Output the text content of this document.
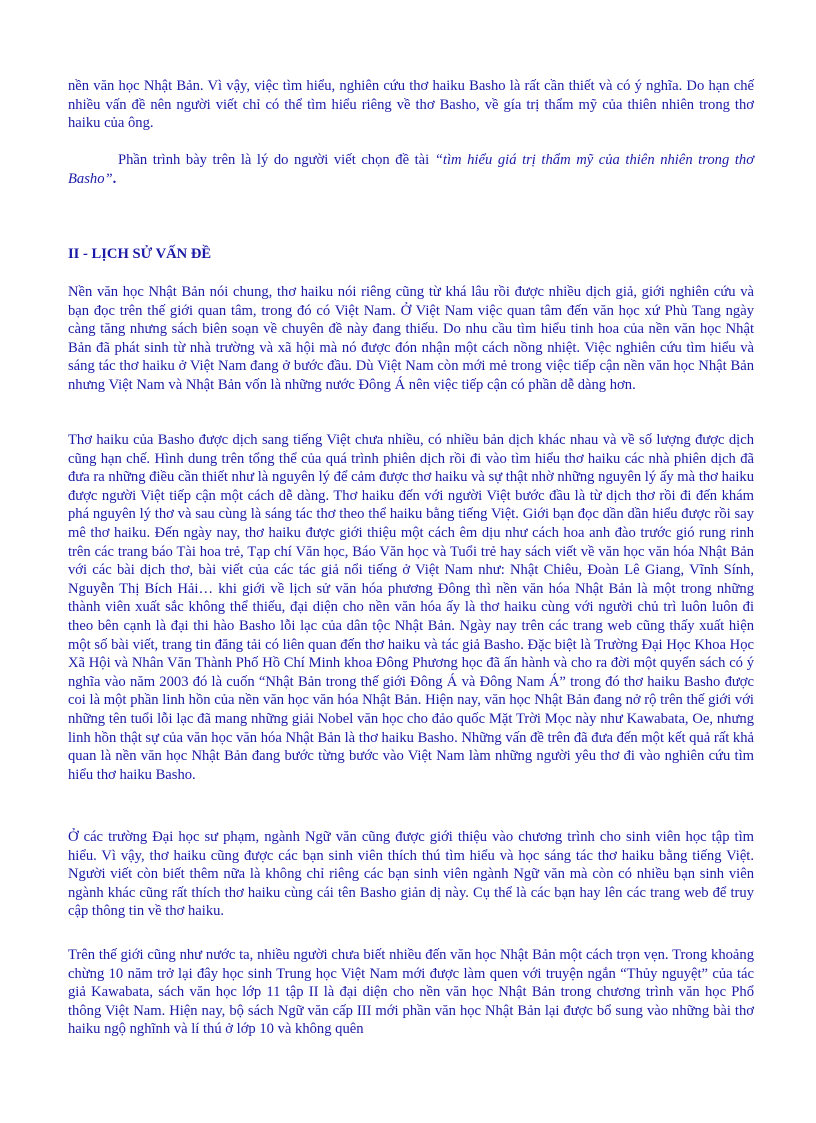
nền văn học Nhật Bản. Vì vậy, việc tìm hiểu, nghiên cứu thơ haiku Basho là rất cần thiết và có ý nghĩa. Do hạn chế nhiều vấn đề nên người viết chỉ có thể tìm hiểu riêng về thơ Basho, về gía trị thẩm mỹ của thiên nhiên trong thơ haiku của ông.

Phần trình bày trên là lý do người viết chọn đề tài “tìm hiểu giá trị thẩm mỹ của thiên nhiên trong thơ Basho”.

II - LỊCH SỬ VẤN ĐỀ

Nền văn học Nhật Bản nói chung, thơ haiku nói riêng cũng từ khá lâu rồi được nhiều dịch giả, giới nghiên cứu và bạn đọc trên thế giới quan tâm, trong đó có Việt Nam. Ở Việt Nam việc quan tâm đến văn học xứ Phù Tang ngày càng tăng nhưng sách biên soạn về chuyên đề này đang thiếu. Do nhu cầu tìm hiểu tinh hoa của nền văn học Nhật Bản đã phát sinh từ nhà trường và xã hội mà nó được đón nhận một cách nồng nhiệt. Việc nghiên cứu tìm hiểu và sáng tác thơ haiku ở Việt Nam đang ở bước đầu. Dù Việt Nam còn mới mẻ trong việc tiếp cận nền văn học Nhật Bản nhưng Việt Nam và Nhật Bản vốn là những nước Đông Á nên việc tiếp cận có phần dễ dàng hơn.

Thơ haiku của Basho được dịch sang tiếng Việt chưa nhiều, có nhiều bản dịch khác nhau và về số lượng được dịch cũng hạn chế. Hình dung trên tổng thể của quá trình phiên dịch rồi đi vào tìm hiểu thơ haiku các nhà phiên dịch đã đưa ra những điều cần thiết như là nguyên lý để cảm được thơ haiku và sự thật nhờ những nguyên lý ấy mà thơ haiku được người Việt tiếp cận một cách dễ dàng. Thơ haiku đến với người Việt bước đầu là từ dịch thơ rồi đi đến khám phá nguyên lý thơ và sau cùng là sáng tác thơ theo thể haiku bằng tiếng Việt. Giới bạn đọc dần dần hiểu được rồi say mê thơ haiku. Đến ngày nay, thơ haiku được giới thiệu một cách êm dịu như cách hoa anh đào trước gió rung rinh trên các trang báo Tài hoa trẻ, Tạp chí Văn học, Báo Văn học và Tuổi trẻ hay sách viết về văn học văn hóa Nhật Bản với các bài dịch thơ, bài viết của các tác giả nổi tiếng ở Việt Nam như: Nhật Chiêu, Đoàn Lê Giang, Vĩnh Sính, Nguyễn Thị Bích Hải… khi giới về lịch sử văn hóa phương Đông thì nền văn hóa Nhật Bản là một trong những thành viên xuất sắc không thể thiếu, đại diện cho nền văn hóa ấy là thơ haiku cùng với người chủ trì luôn luôn đi theo bên cạnh là đại thi hào Basho lỗi lạc của dân tộc Nhật Bản. Ngày nay trên các trang web cũng thấy xuất hiện một số bài viết, trang tin đăng tải có liên quan đến thơ haiku và tác giả Basho. Đặc biệt là Trường Đại Học Khoa Học Xã Hội và Nhân Văn Thành Phố Hồ Chí Minh khoa Đông Phương học đã ấn hành và cho ra đời một quyển sách có ý nghĩa vào năm 2003 đó là cuốn “Nhật Bản trong thế giới Đông Á và Đông Nam Á” trong đó thơ haiku Basho được coi là một phần linh hồn của nền văn học văn hóa Nhật Bản. Hiện nay, văn học Nhật Bản đang nở rộ trên thế giới với những tên tuổi lỗi lạc đã mang những giải Nobel văn học cho đảo quốc Mặt Trời Mọc này như Kawabata, Oe, nhưng linh hồn thật sự của văn học văn hóa Nhật Bản là thơ haiku Basho. Những vấn đề trên đã đưa đến một kết quả rất khả quan là nền văn học Nhật Bản đang bước từng bước vào Việt Nam làm những người yêu thơ đi vào nghiên cứu tìm hiểu thơ haiku Basho.

Ở các trường Đại học sư phạm, ngành Ngữ văn cũng được giới thiệu vào chương trình cho sinh viên học tập tìm hiểu. Vì vậy, thơ haiku cũng được các bạn sinh viên thích thú tìm hiểu và học sáng tác thơ haiku bằng tiếng Việt. Người viết còn biết thêm nữa là không chỉ riêng các bạn sinh viên ngành Ngữ văn mà còn có nhiều bạn sinh viên ngành khác cũng rất thích thơ haiku cùng cái tên Basho giản dị này. Cụ thể là các bạn hay lên các trang web để truy cập thông tin về thơ haiku.

Trên thế giới cũng như nước ta, nhiều người chưa biết nhiều đến văn học Nhật Bản một cách trọn vẹn. Trong khoảng chừng 10 năm trở lại đây học sinh Trung học Việt Nam mới được làm quen với truyện ngắn “Thủy nguyệt” của tác giả Kawabata, sách văn học lớp 11 tập II là đại diện cho nền văn học Nhật Bản trong chương trình văn học Phổ thông Việt Nam. Hiện nay, bộ sách Ngữ văn cấp III mới phần văn học Nhật Bản lại được bổ sung vào những bài thơ haiku ngộ nghĩnh và lí thú ở lớp 10 và không quên
